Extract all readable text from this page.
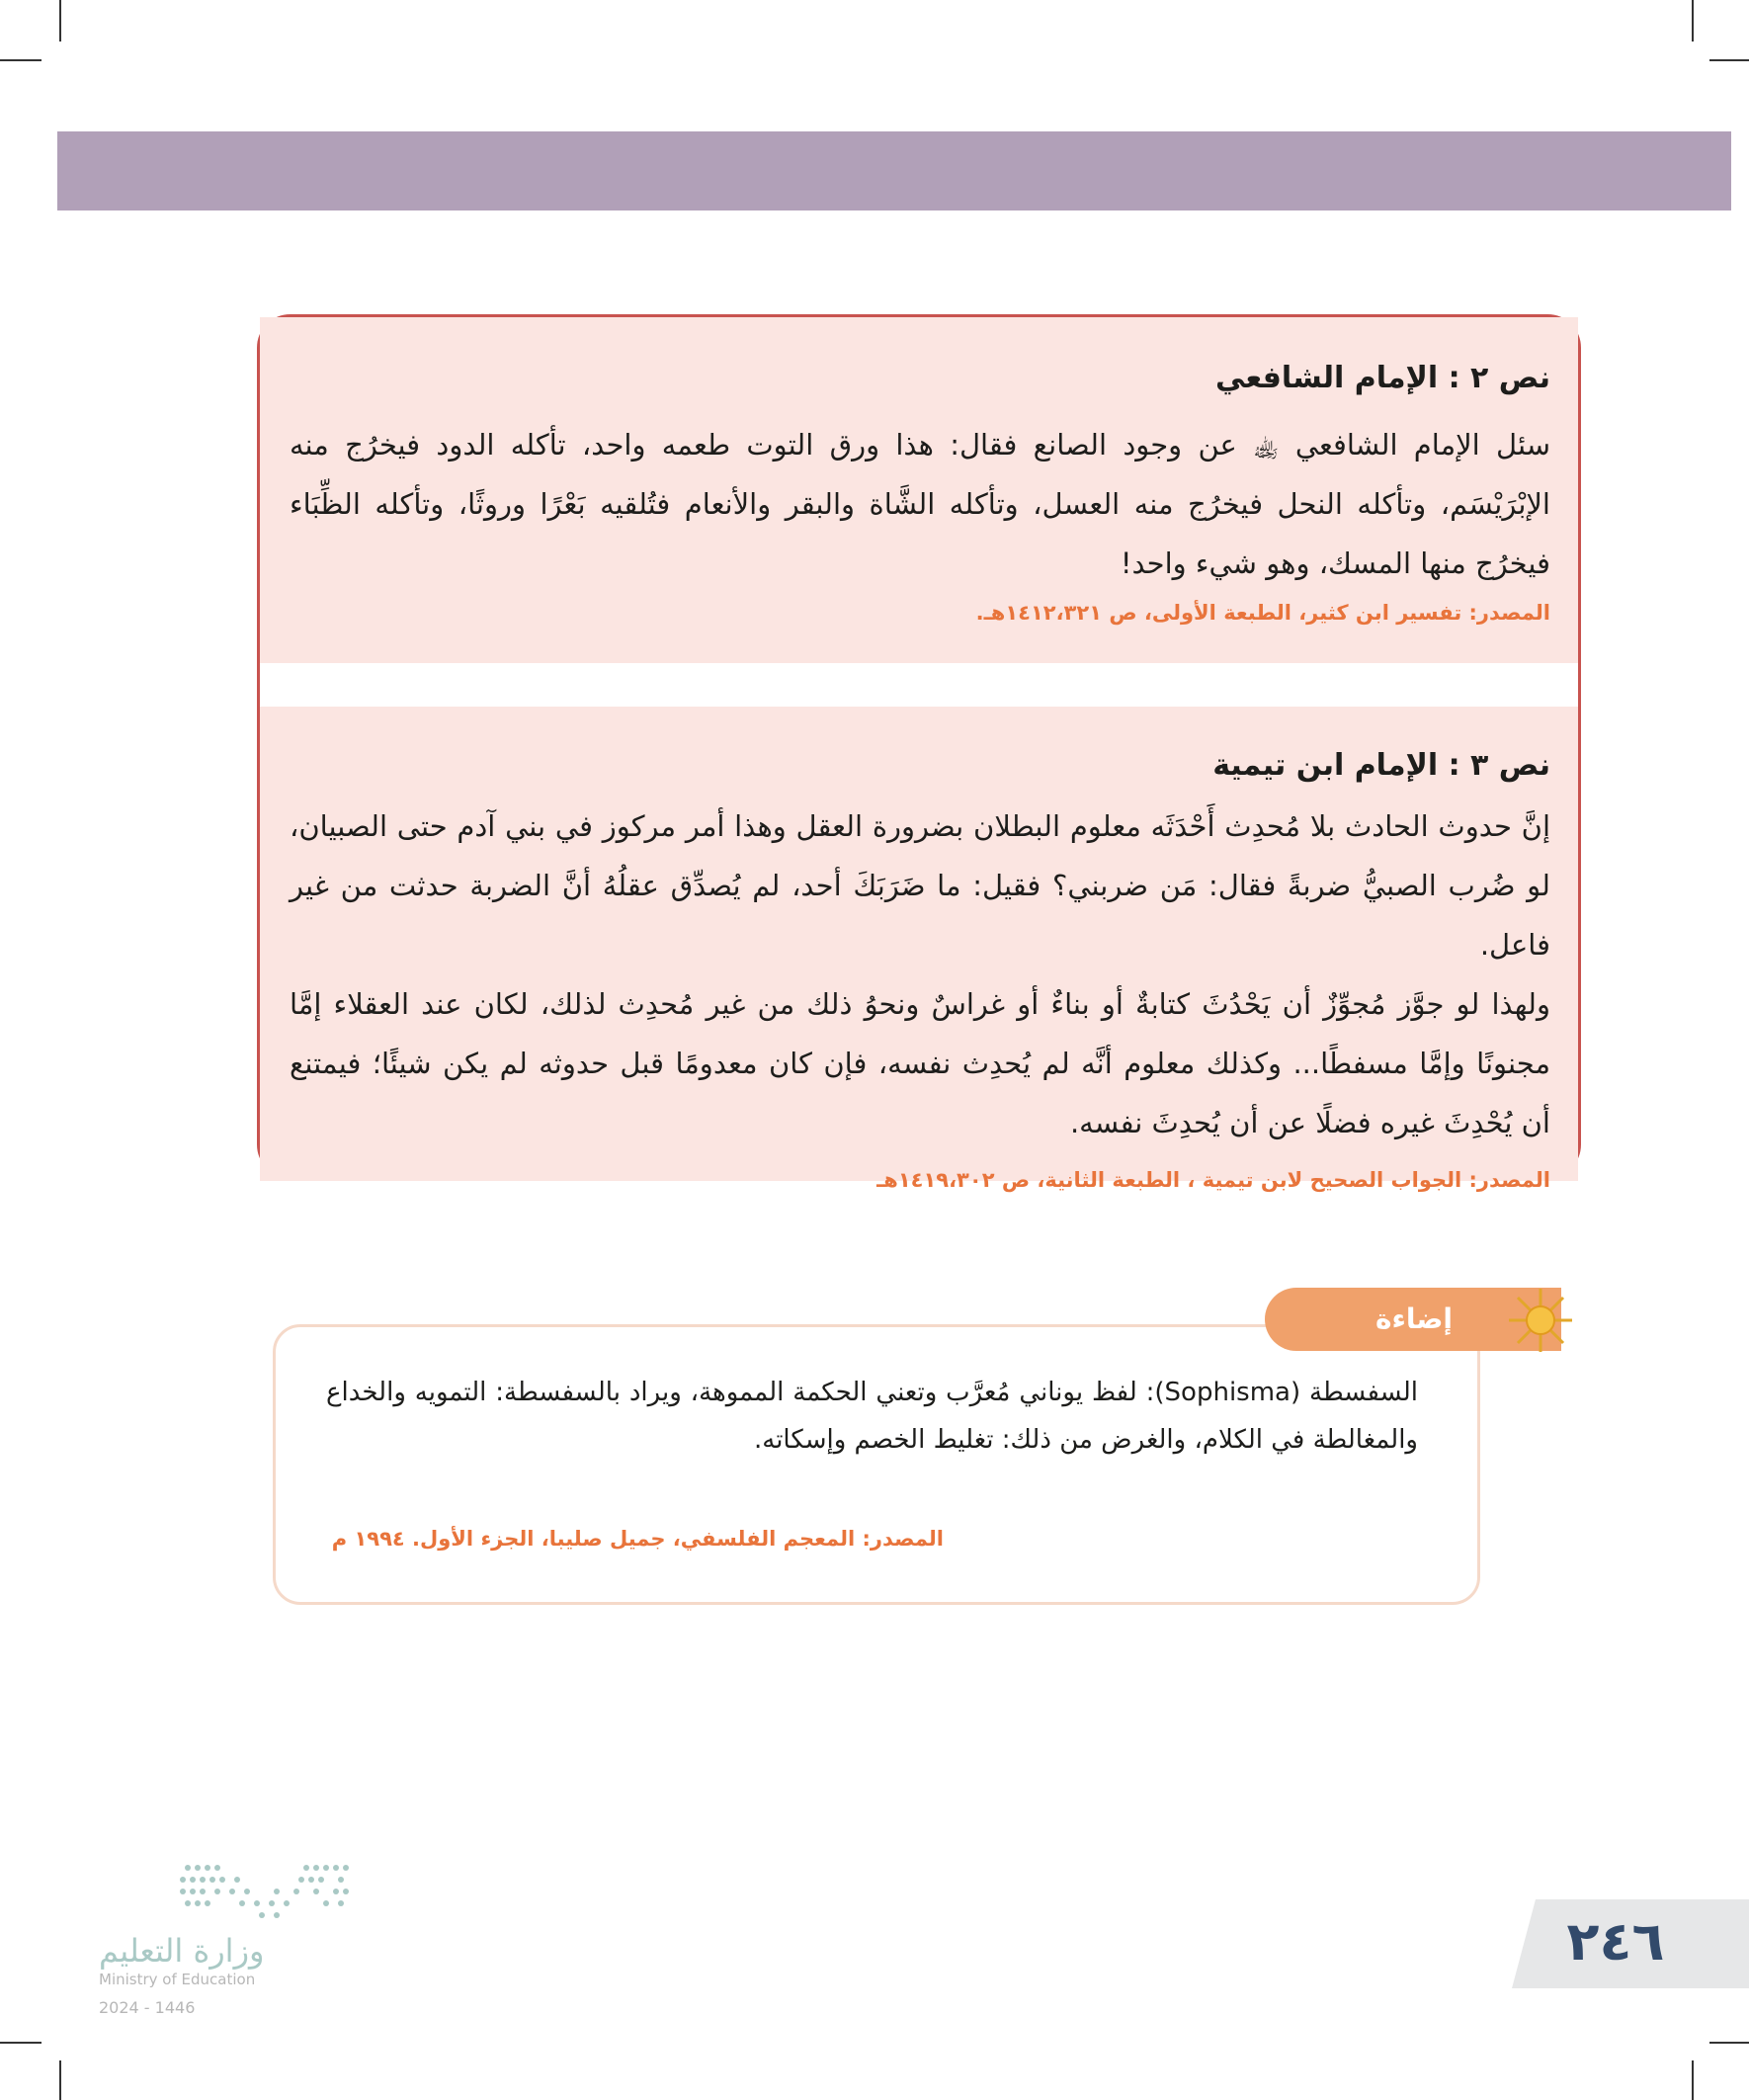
نص ٢ : الإمام الشافعي

سئل الإمام الشافعي ﵀ عن وجود الصانع فقال: هذا ورق التوت طعمه واحد، تأكله الدود فيخرُج منه الإبْرَيْسَم، وتأكله النحل فيخرُج منه العسل، وتأكله الشَّاة والبقر والأنعام فتُلقيه بَعْرًا وروثًا، وتأكله الظِّبَاء فيخرُج منها المسك، وهو شيء واحد!

المصدر: تفسير ابن كثير، الطبعة الأولى، ص ١٤١٢،٣٢١هـ.

نص ٣ : الإمام ابن تيمية

إنَّ حدوث الحادث بلا مُحدِث أَحْدَثَه معلوم البطلان بضرورة العقل وهذا أمر مركوز في بني آدم حتى الصبيان، لو ضُرب الصبيُّ ضربةً فقال: مَن ضربني؟ فقيل: ما ضَرَبَكَ أحد، لم يُصدِّق عقلُهُ أنَّ الضربة حدثت من غير فاعل.

ولهذا لو جوَّز مُجوِّزٌ أن يَحْدُثَ كتابةٌ أو بناءٌ أو غراسٌ ونحوُ ذلك من غير مُحدِث لذلك، لكان عند العقلاء إمَّا مجنونًا وإمَّا مسفطًا... وكذلك معلوم أنَّه لم يُحدِث نفسه، فإن كان معدومًا قبل حدوثه لم يكن شيئًا؛ فيمتنع أن يُحْدِثَ غيره فضلًا عن أن يُحدِثَ نفسه.

المصدر: الجواب الصحيح لابن تيمية ، الطبعة الثانية، ص ١٤١٩،٣٠٢هـ
إضاءة
السفسطة (Sophisma): لفظ يوناني مُعرَّب وتعني الحكمة المموهة، ويراد بالسفسطة: التمويه والخداع والمغالطة في الكلام، والغرض من ذلك: تغليط الخصم وإسكاته.
المصدر: المعجم الفلسفي، جميل صليبا، الجزء الأول. ١٩٩٤ م
وزارة التعليم
Ministry of Education
2024 - 1446
٢٤٦
